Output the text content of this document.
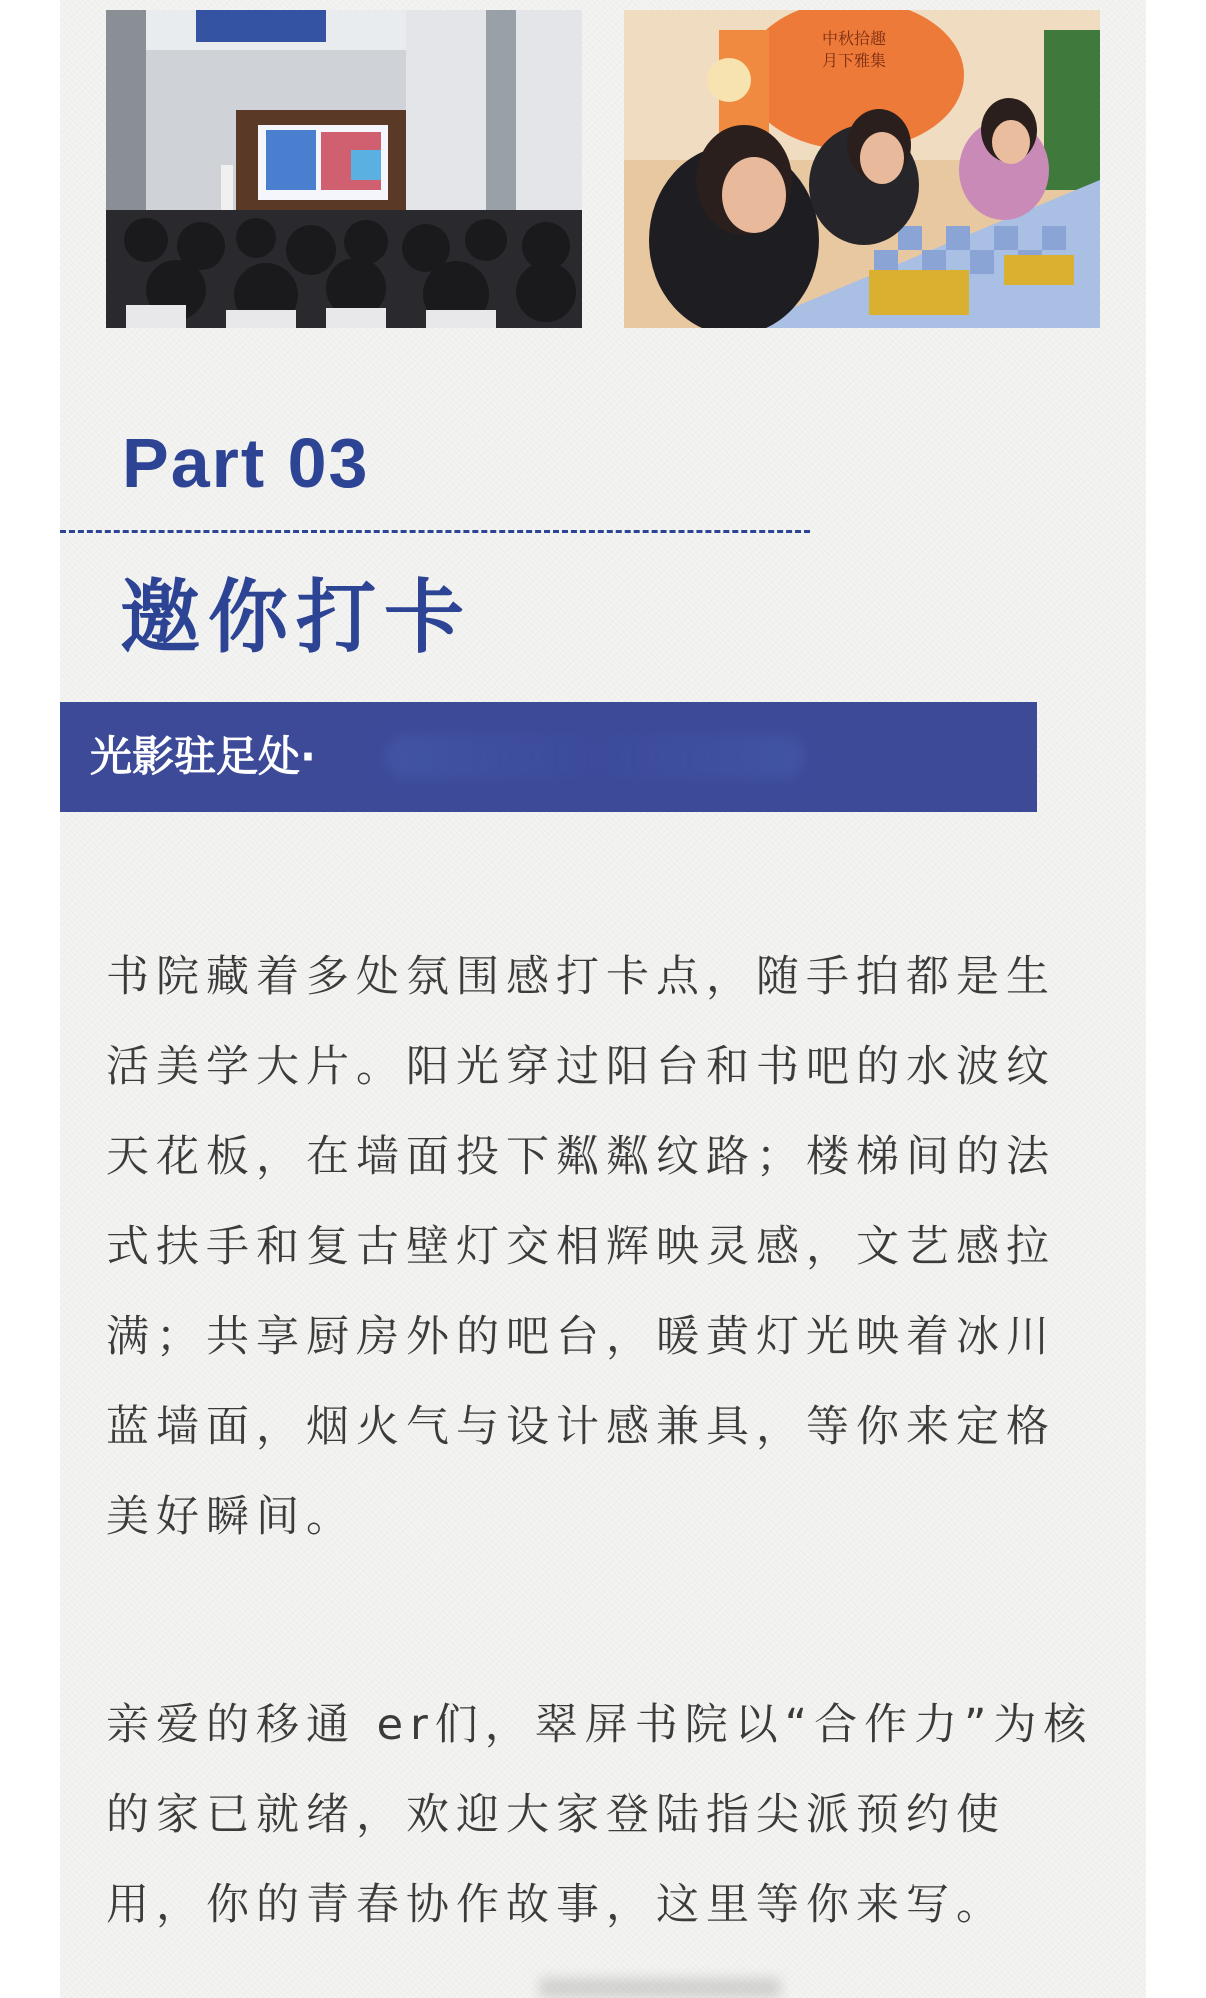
中秋拾趣
月下雅集
Part 03
邀你打卡
光影驻足处·
书院藏着多处氛围感打卡点，随手拍都是生
活美学大片。阳光穿过阳台和书吧的水波纹
天花板，在墙面投下粼粼纹路；楼梯间的法
式扶手和复古壁灯交相辉映灵感，文艺感拉
满；共享厨房外的吧台，暖黄灯光映着冰川
蓝墙面，烟火气与设计感兼具，等你来定格
美好瞬间。
亲爱的移通 er们，翠屏书院以“合作力”为核
的家已就绪，欢迎大家登陆指尖派预约使
用，你的青春协作故事，这里等你来写。
